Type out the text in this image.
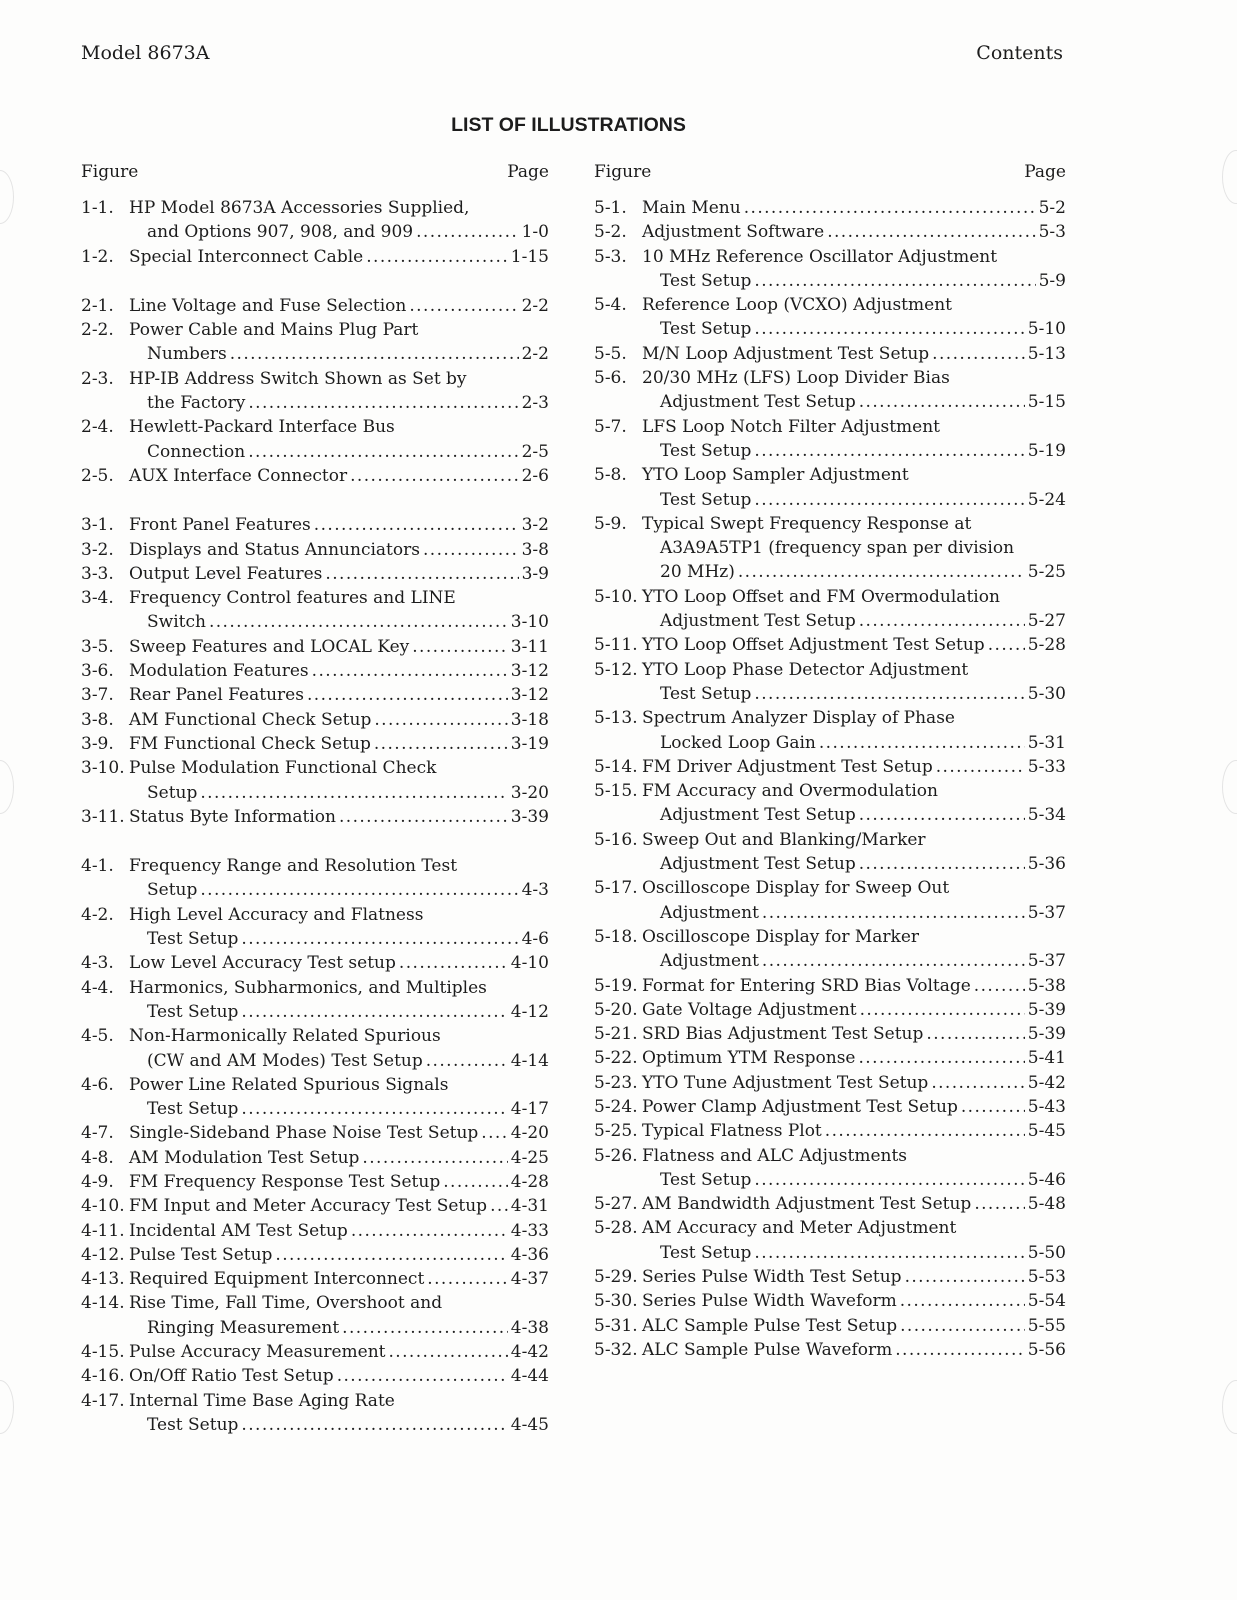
Model 8673A	Contents
LIST OF ILLUSTRATIONS
Figure	Page
1-1. HP Model 8673A Accessories Supplied,
and Options 907, 908, and 909 . . .	1-0
1-2. Special Interconnect Cable . . .	1-15
2-1. Line Voltage and Fuse Selection . . .	2-2
2-2. Power Cable and Mains Plug Part
Numbers . . .	2-2
2-3. HP-IB Address Switch Shown as Set by
the Factory . . .	2-3
2-4. Hewlett-Packard Interface Bus
Connection . . .	2-5
2-5. AUX Interface Connector . . .	2-6
3-1. Front Panel Features . . .	3-2
3-2. Displays and Status Annunciators . . .	3-8
3-3. Output Level Features . . .	3-9
3-4. Frequency Control features and LINE
Switch . . .	3-10
3-5. Sweep Features and LOCAL Key . . .	3-11
3-6. Modulation Features . . .	3-12
3-7. Rear Panel Features . . .	3-12
3-8. AM Functional Check Setup . . .	3-18
3-9. FM Functional Check Setup . . .	3-19
3-10. Pulse Modulation Functional Check
Setup . . .	3-20
3-11. Status Byte Information . . .	3-39
4-1. Frequency Range and Resolution Test
Setup . . .	4-3
4-2. High Level Accuracy and Flatness
Test Setup . . .	4-6
4-3. Low Level Accuracy Test setup . . .	4-10
4-4. Harmonics, Subharmonics, and Multiples
Test Setup . . .	4-12
4-5. Non-Harmonically Related Spurious
(CW and AM Modes) Test Setup . . .	4-14
4-6. Power Line Related Spurious Signals
Test Setup . . .	4-17
4-7. Single-Sideband Phase Noise Test Setup . . . 4-20
4-8. AM Modulation Test Setup . . .	4-25
4-9. FM Frequency Response Test Setup . . .	4-28
4-10. FM Input and Meter Accuracy Test Setup . . . 4-31
4-11. Incidental AM Test Setup . . .	4-33
4-12. Pulse Test Setup . . .	4-36
4-13. Required Equipment Interconnect . . .	4-37
4-14. Rise Time, Fall Time, Overshoot and
Ringing Measurement . . .	4-38
4-15. Pulse Accuracy Measurement . . .	4-42
4-16. On/Off Ratio Test Setup . . .	4-44
4-17. Internal Time Base Aging Rate
Test Setup . . .	4-45
Figure	Page
5-1. Main Menu . . .	5-2
5-2. Adjustment Software . . .	5-3
5-3. 10 MHz Reference Oscillator Adjustment
Test Setup . . .	5-9
5-4. Reference Loop (VCXO) Adjustment
Test Setup . . .	5-10
5-5. M/N Loop Adjustment Test Setup . . .	5-13
5-6. 20/30 MHz (LFS) Loop Divider Bias
Adjustment Test Setup . . .	5-15
5-7. LFS Loop Notch Filter Adjustment
Test Setup . . .	5-19
5-8. YTO Loop Sampler Adjustment
Test Setup . . .	5-24
5-9. Typical Swept Frequency Response at
A3A9A5TP1 (frequency span per division
20 MHz) . . .	5-25
5-10. YTO Loop Offset and FM Overmodulation
Adjustment Test Setup . . .	5-27
5-11. YTO Loop Offset Adjustment Test Setup . . .	5-28
5-12. YTO Loop Phase Detector Adjustment
Test Setup . . .	5-30
5-13. Spectrum Analyzer Display of Phase
Locked Loop Gain . . .	5-31
5-14. FM Driver Adjustment Test Setup . . .	5-33
5-15. FM Accuracy and Overmodulation
Adjustment Test Setup . . .	5-34
5-16. Sweep Out and Blanking/Marker
Adjustment Test Setup . . .	5-36
5-17. Oscilloscope Display for Sweep Out
Adjustment . . .	5-37
5-18. Oscilloscope Display for Marker
Adjustment . . .	5-37
5-19. Format for Entering SRD Bias Voltage . . .	5-38
5-20. Gate Voltage Adjustment . . .	5-39
5-21. SRD Bias Adjustment Test Setup . . .	5-39
5-22. Optimum YTM Response . . .	5-41
5-23. YTO Tune Adjustment Test Setup . . .	5-42
5-24. Power Clamp Adjustment Test Setup . . .	5-43
5-25. Typical Flatness Plot . . .	5-45
5-26. Flatness and ALC Adjustments
Test Setup . . .	5-46
5-27. AM Bandwidth Adjustment Test Setup . . .	5-48
5-28. AM Accuracy and Meter Adjustment
Test Setup . . .	5-50
5-29. Series Pulse Width Test Setup . . .	5-53
5-30. Series Pulse Width Waveform . . .	5-54
5-31. ALC Sample Pulse Test Setup . . .	5-55
5-32. ALC Sample Pulse Waveform . . .	5-56
